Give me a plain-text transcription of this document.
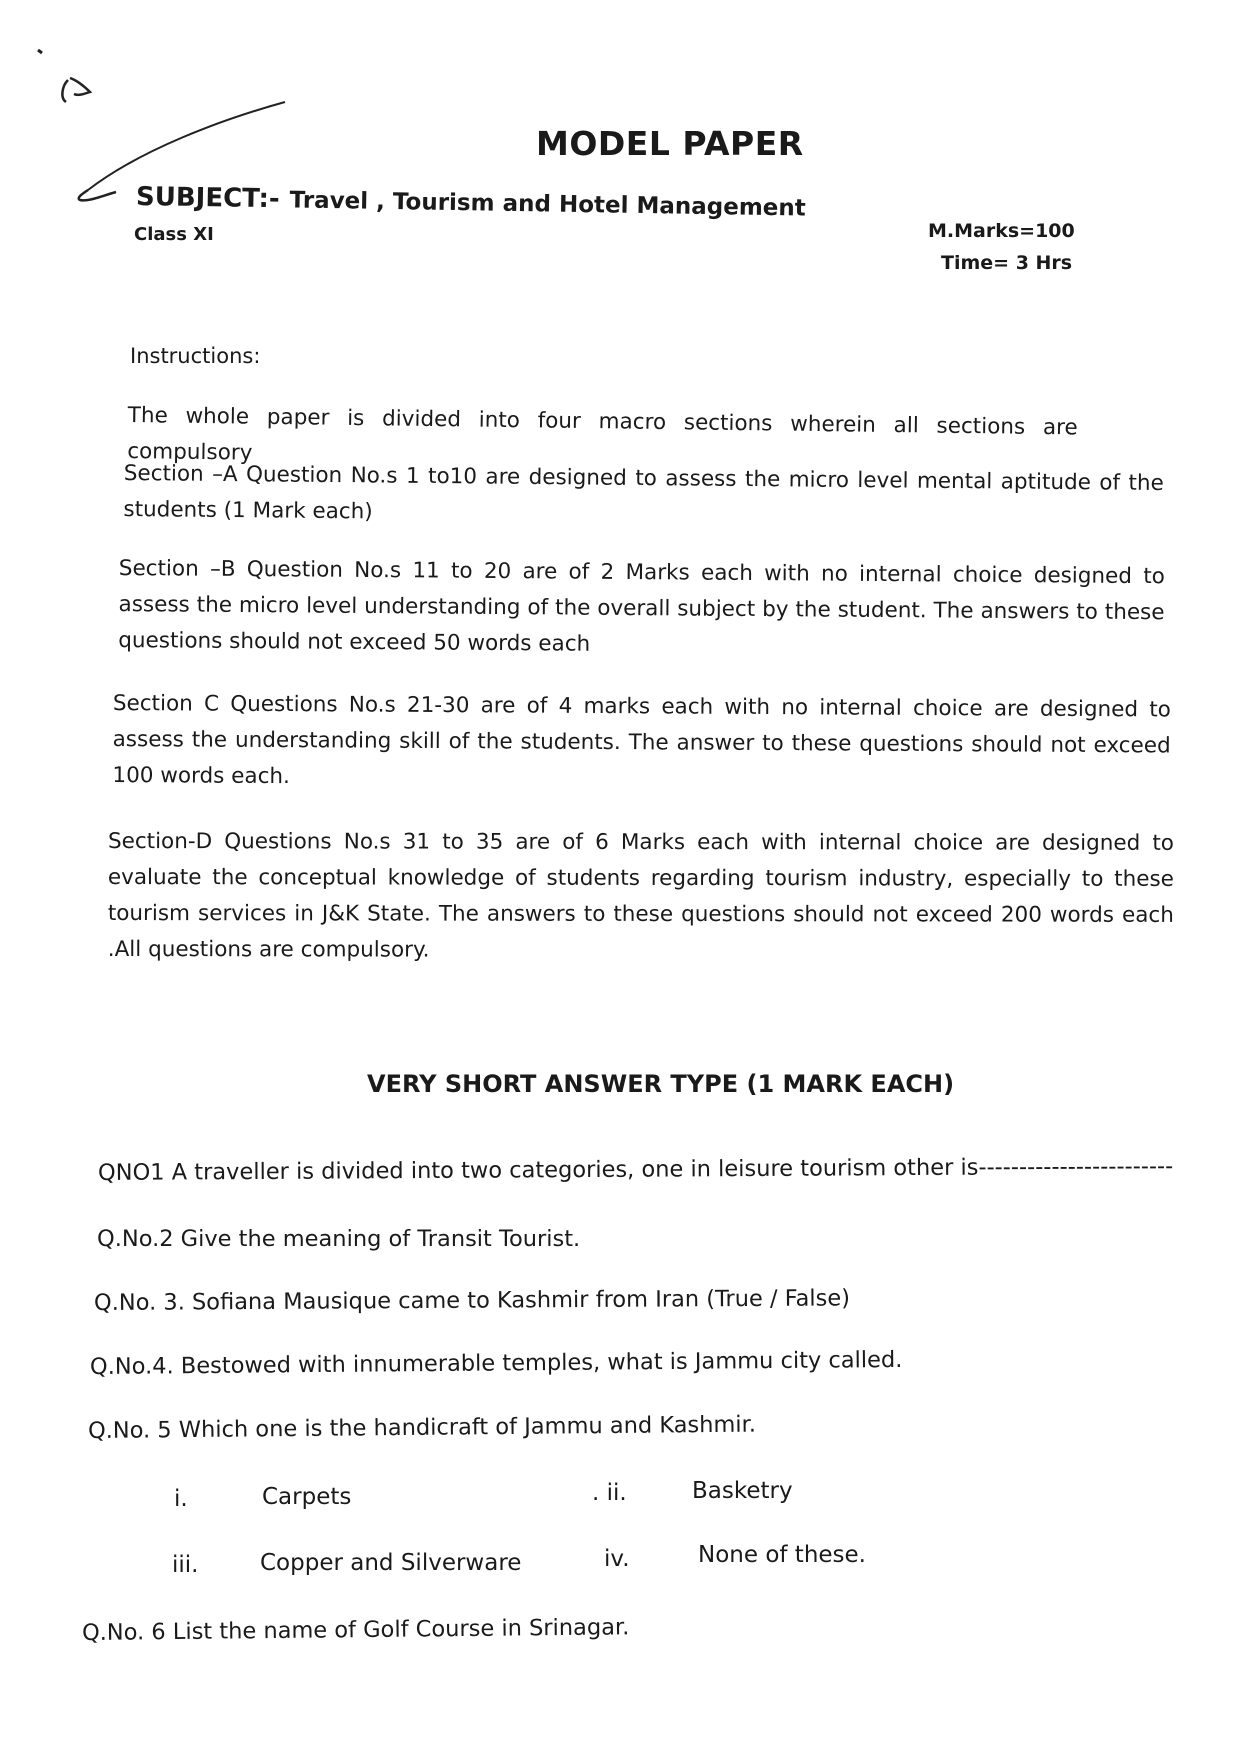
MODEL PAPER
SUBJECT:- Travel , Tourism and Hotel Management
Class XI	M.Marks=100
Time= 3 Hrs
Instructions:
The whole paper is divided into four macro sections wherein all sections are compulsory
Section –A Question No.s 1 to10 are designed to assess the micro level mental aptitude of the students (1 Mark each)
Section –B Question No.s 11 to 20 are of 2 Marks each with no internal choice designed to assess the micro level understanding of the overall subject by the student. The answers to these questions should not exceed 50 words each
Section C Questions No.s 21-30 are of 4 marks each with no internal choice are designed to assess the understanding skill of the students. The answer to these questions should not exceed 100 words each.
Section-D Questions No.s 31 to 35 are of 6 Marks each with internal choice are designed to evaluate the conceptual knowledge of students regarding tourism industry, especially to these tourism services in J&K State. The answers to these questions should not exceed 200 words each .All questions are compulsory.
VERY SHORT ANSWER TYPE (1 MARK EACH)
QNO1 A traveller is divided into two categories, one in leisure tourism other is------------------------
Q.No.2 Give the meaning of Transit Tourist.
Q.No. 3. Sofiana Mausique came to Kashmir from Iran (True / False)
Q.No.4. Bestowed with innumerable temples, what is Jammu city called.
Q.No. 5 Which one is the handicraft of Jammu and Kashmir.
i.	Carpets	. ii.	Basketry
iii.	Copper and Silverware	iv.	None of these.
Q.No. 6 List the name of Golf Course in Srinagar.
